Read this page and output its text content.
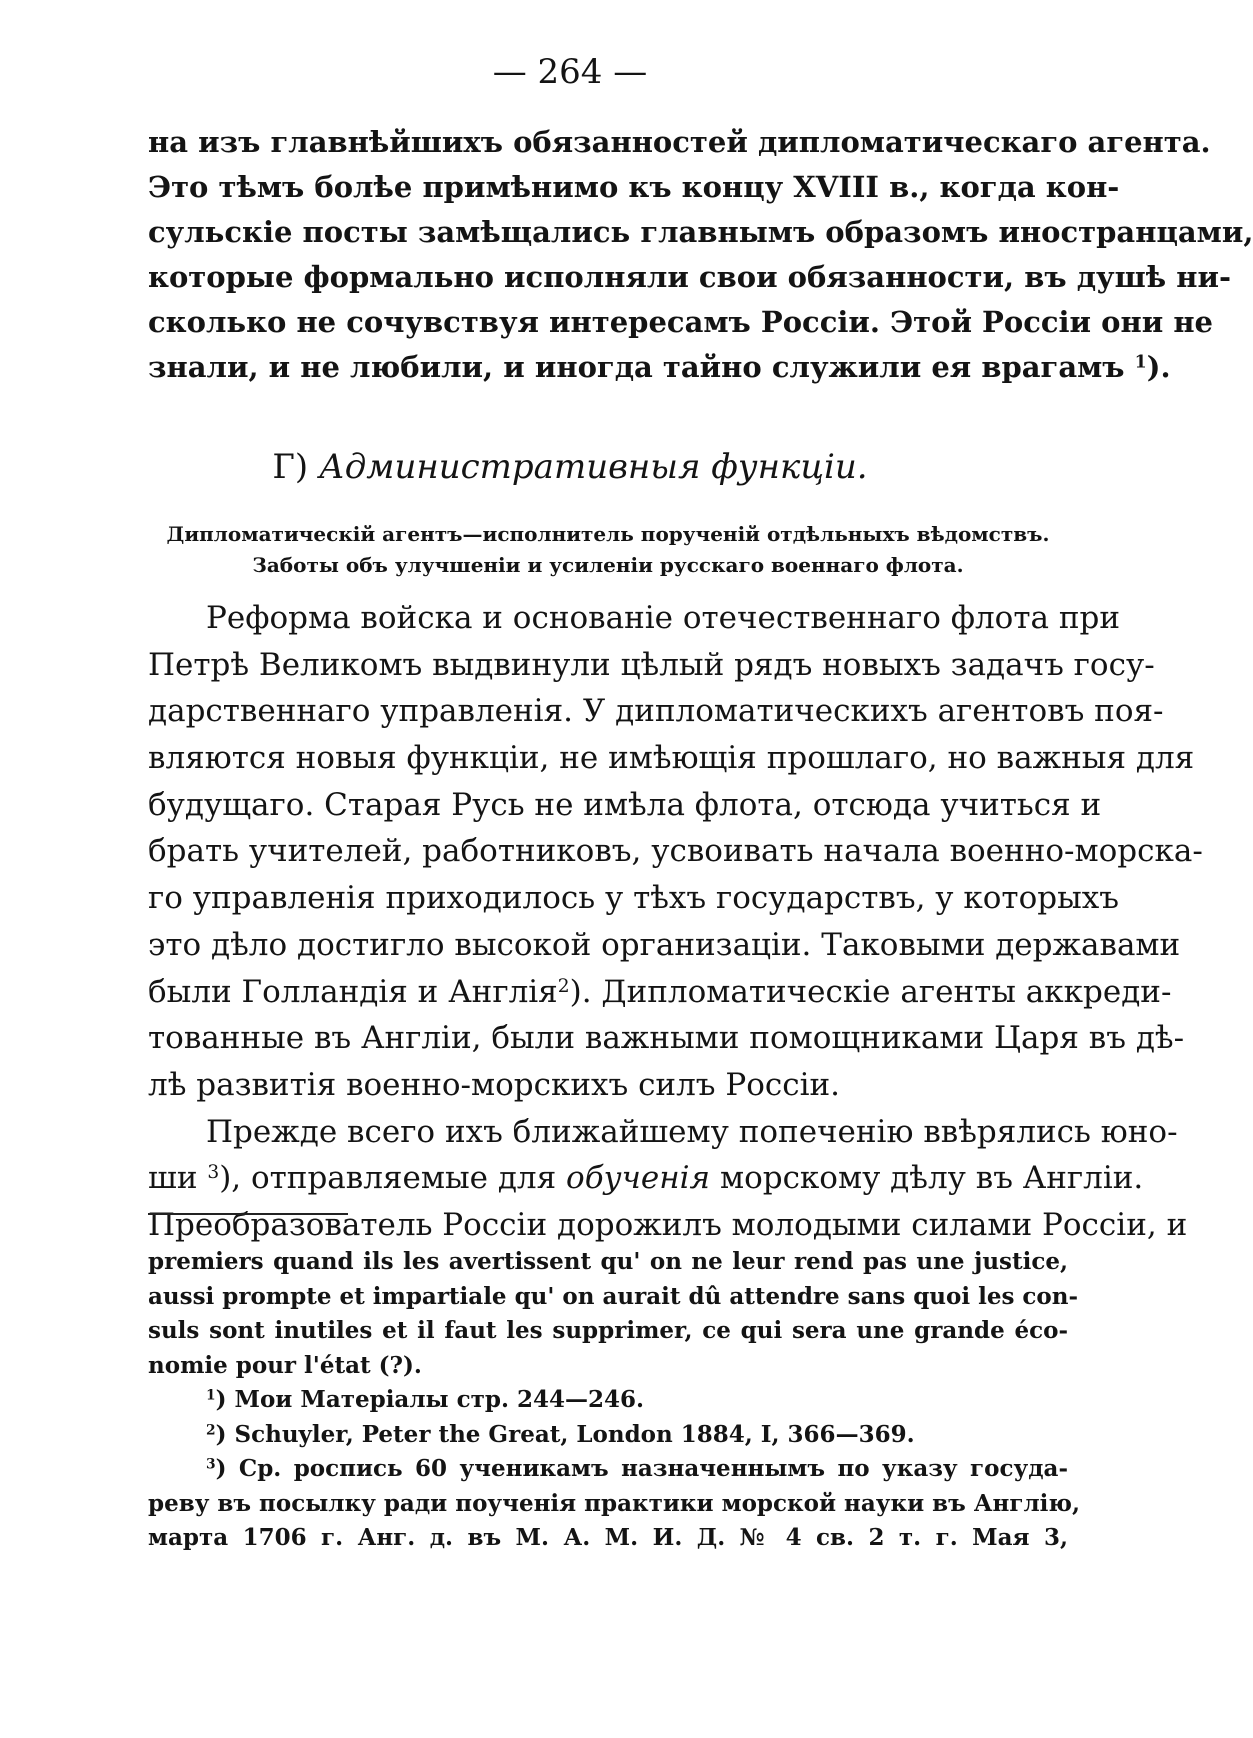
— 264 —
на изъ главнѣйшихъ обязанностей дипломатическаго агента.
Это тѣмъ болѣе примѣнимо къ концу XVIII в., когда кон-
сульскіе посты замѣщались главнымъ образомъ иностранцами,
которые формально исполняли свои обязанности, въ душѣ ни-
сколько не сочувствуя интересамъ Россіи. Этой Россіи они не
знали, и не любили, и иногда тайно служили ея врагамъ $^1$).
Г) Административныя функціи.
Дипломатическій агентъ—исполнитель порученій отдѣльныхъ вѣдомствъ.
Заботы объ улучшеніи и усиленіи русскаго военнаго флота.
Реформа войска и основаніе отечественнаго флота при
Петрѣ Великомъ выдвинули цѣлый рядъ новыхъ задачъ госу-
дарственнаго управленія. У дипломатическихъ агентовъ поя-
вляются новыя функціи, не имѣющія прошлаго, но важныя для
будущаго. Старая Русь не имѣла флота, отсюда учиться и
брать учителей, работниковъ, усвоивать начала военно-морска-
го управленія приходилось у тѣхъ государствъ, у которыхъ
это дѣло достигло высокой организаціи. Таковыми державами
были Голландія и Англія$^2$). Дипломатическіе агенты аккреди-
тованные въ Англіи, были важными помощниками Царя въ дѣ-
лѣ развитія военно-морскихъ силъ Россіи.
Прежде всего ихъ ближайшему попеченію ввѣрялись юно-
ши $^3$), отправляемые для обученія морскому дѣлу въ Англіи.
Преобразователь Россіи дорожилъ молодыми силами Россіи, и
premiers quand ils les avertissent qu' on ne leur rend pas une justice,
aussi prompte et impartiale qu' on aurait dû attendre sans quoi les con-
suls sont inutiles et il faut les supprimer, ce qui sera une grande éco-
nomie pour l'état (?).
$^1$) Мои Матеріалы стр. 244—246.
$^2$) Schuyler, Peter the Great, London 1884, I, 366—369.
$^3$) Ср. роспись 60 ученикамъ назначеннымъ по указу госуда-
реву въ посылку ради поученія практики морской науки въ Англію,
марта 1706 г. Анг. д. въ М. А. М. И. Д. № 4 св. 2 т. г. Мая 3,
